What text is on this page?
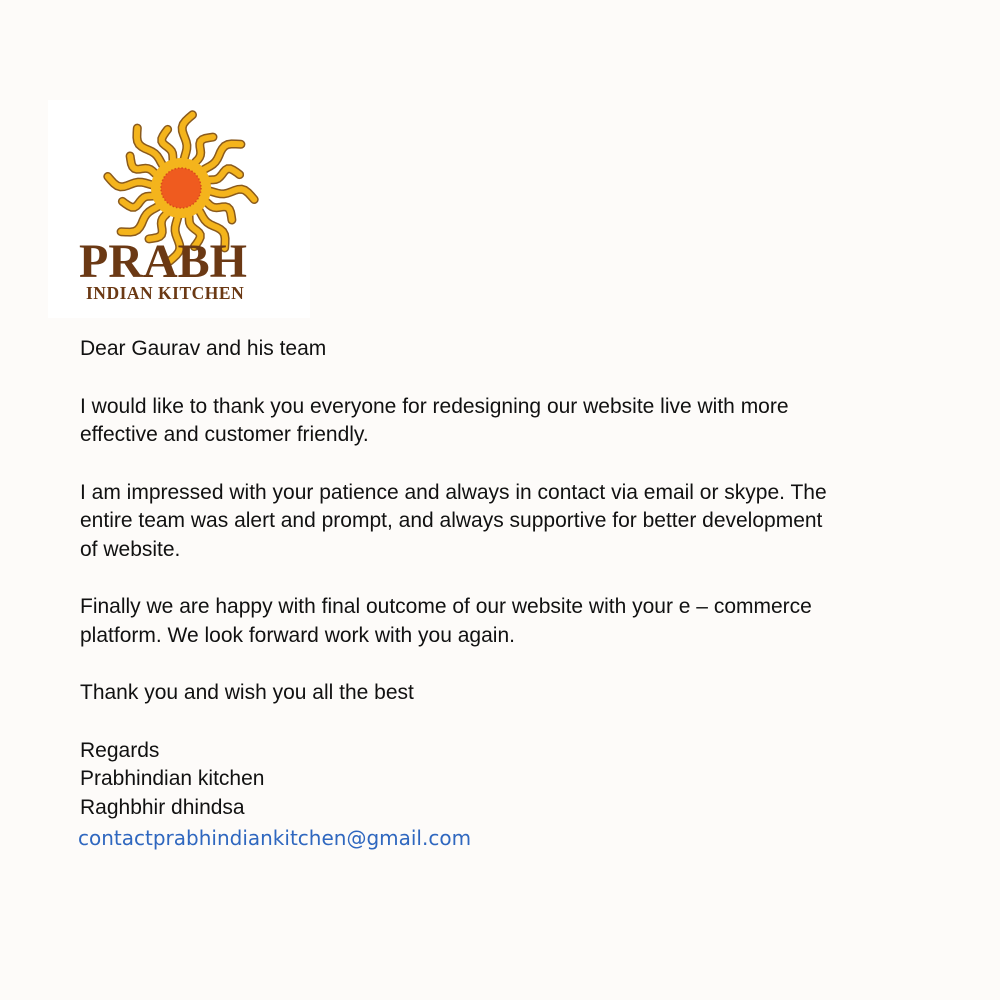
PRABH
INDIAN KITCHEN

Dear Gaurav and his team

I would like to thank you everyone for redesigning our website live with more
effective and customer friendly.

I am impressed with your patience and always in contact via email or skype. The
entire team was alert and prompt, and always supportive for better development
of website.

Finally we are happy with final outcome of our website with your e – commerce
platform. We look forward work with you again.

Thank you and wish you all the best

Regards
Prabhindian kitchen
Raghbhir dhindsa
contactprabhindiankitchen@gmail.com
